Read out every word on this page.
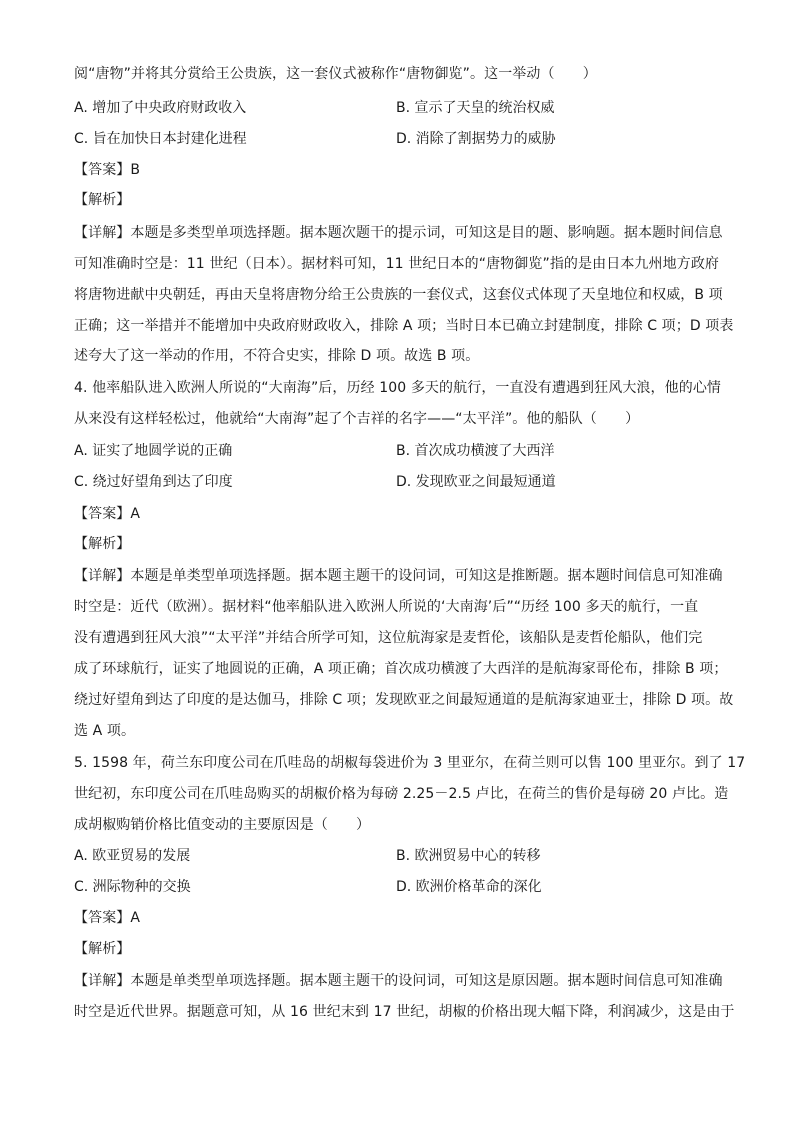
阅“唐物”并将其分赏给王公贵族，这一套仪式被称作“唐物御览”。这一举动（　　）
A. 增加了中央政府财政收入	B. 宣示了天皇的统治权威
C. 旨在加快日本封建化进程	D. 消除了割据势力的威胁
【答案】B
【解析】
【详解】本题是多类型单项选择题。据本题次题干的提示词，可知这是目的题、影响题。据本题时间信息
可知准确时空是：11 世纪（日本）。据材料可知，11 世纪日本的“唐物御览”指的是由日本九州地方政府
将唐物进献中央朝廷，再由天皇将唐物分给王公贵族的一套仪式，这套仪式体现了天皇地位和权威，B 项
正确；这一举措并不能增加中央政府财政收入，排除 A 项；当时日本已确立封建制度，排除 C 项；D 项表
述夸大了这一举动的作用，不符合史实，排除 D 项。故选 B 项。
4. 他率船队进入欧洲人所说的“大南海”后，历经 100 多天的航行，一直没有遭遇到狂风大浪，他的心情
从来没有这样轻松过，他就给“大南海”起了个吉祥的名字——“太平洋”。他的船队（　　）
A. 证实了地圆学说的正确	B. 首次成功横渡了大西洋
C. 绕过好望角到达了印度	D. 发现欧亚之间最短通道
【答案】A
【解析】
【详解】本题是单类型单项选择题。据本题主题干的设问词，可知这是推断题。据本题时间信息可知准确
时空是：近代（欧洲）。据材料“他率船队进入欧洲人所说的‘大南海’后”“历经 100 多天的航行，一直
没有遭遇到狂风大浪”“太平洋”并结合所学可知，这位航海家是麦哲伦，该船队是麦哲伦船队，他们完
成了环球航行，证实了地圆说的正确，A 项正确；首次成功横渡了大西洋的是航海家哥伦布，排除 B 项；
绕过好望角到达了印度的是达伽马，排除 C 项；发现欧亚之间最短通道的是航海家迪亚士，排除 D 项。故
选 A 项。
5. 1598 年，荷兰东印度公司在爪哇岛的胡椒每袋进价为 3 里亚尔，在荷兰则可以售 100 里亚尔。到了 17
世纪初，东印度公司在爪哇岛购买的胡椒价格为每磅 2.25－2.5 卢比，在荷兰的售价是每磅 20 卢比。造
成胡椒购销价格比值变动的主要原因是（　　）
A. 欧亚贸易的发展	B. 欧洲贸易中心的转移
C. 洲际物种的交换	D. 欧洲价格革命的深化
【答案】A
【解析】
【详解】本题是单类型单项选择题。据本题主题干的设问词，可知这是原因题。据本题时间信息可知准确
时空是近代世界。据题意可知，从 16 世纪末到 17 世纪，胡椒的价格出现大幅下降，利润减少，这是由于
